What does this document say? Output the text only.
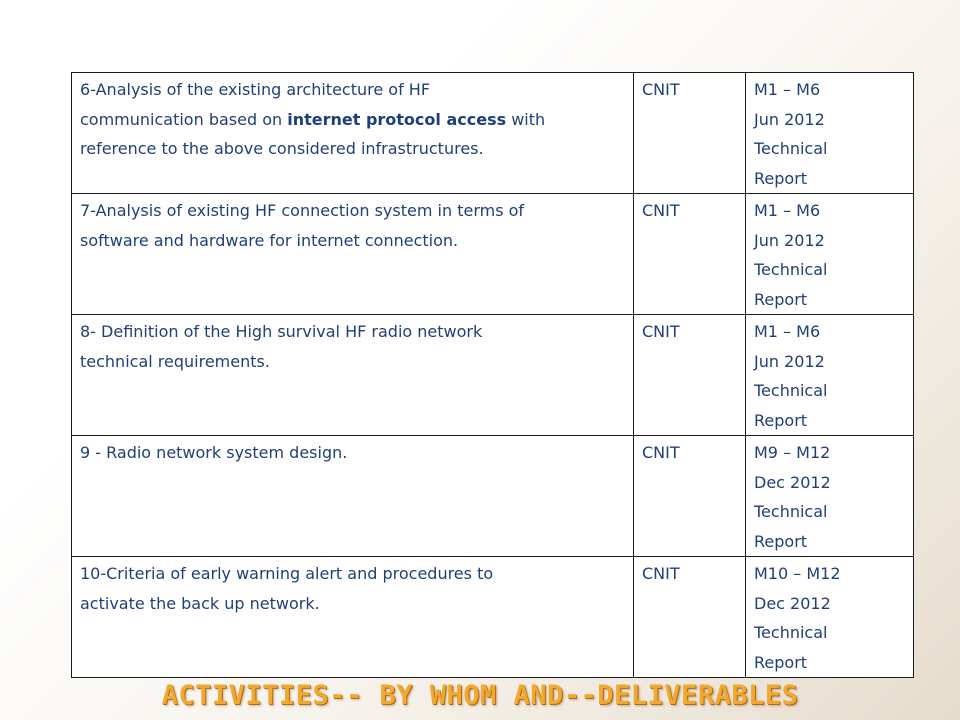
6-Analysis of the existing architecture of HF
communication based on internet protocol access with
reference to the above considered infrastructures.	CNIT	M1 – M6
Jun 2012
Technical
Report

7-Analysis of existing HF connection system in terms of
software and hardware for internet connection.	CNIT	M1 – M6
Jun 2012
Technical
Report

8- Definition of the High survival HF radio network
technical requirements.	CNIT	M1 – M6
Jun 2012
Technical
Report

9 - Radio network system design.	CNIT	M9 – M12
Dec 2012
Technical
Report

10-Criteria of early warning alert and procedures to
activate the back up network.	CNIT	M10 – M12
Dec 2012
Technical
Report
ACTIVITIES-- BY WHOM AND--DELIVERABLES
